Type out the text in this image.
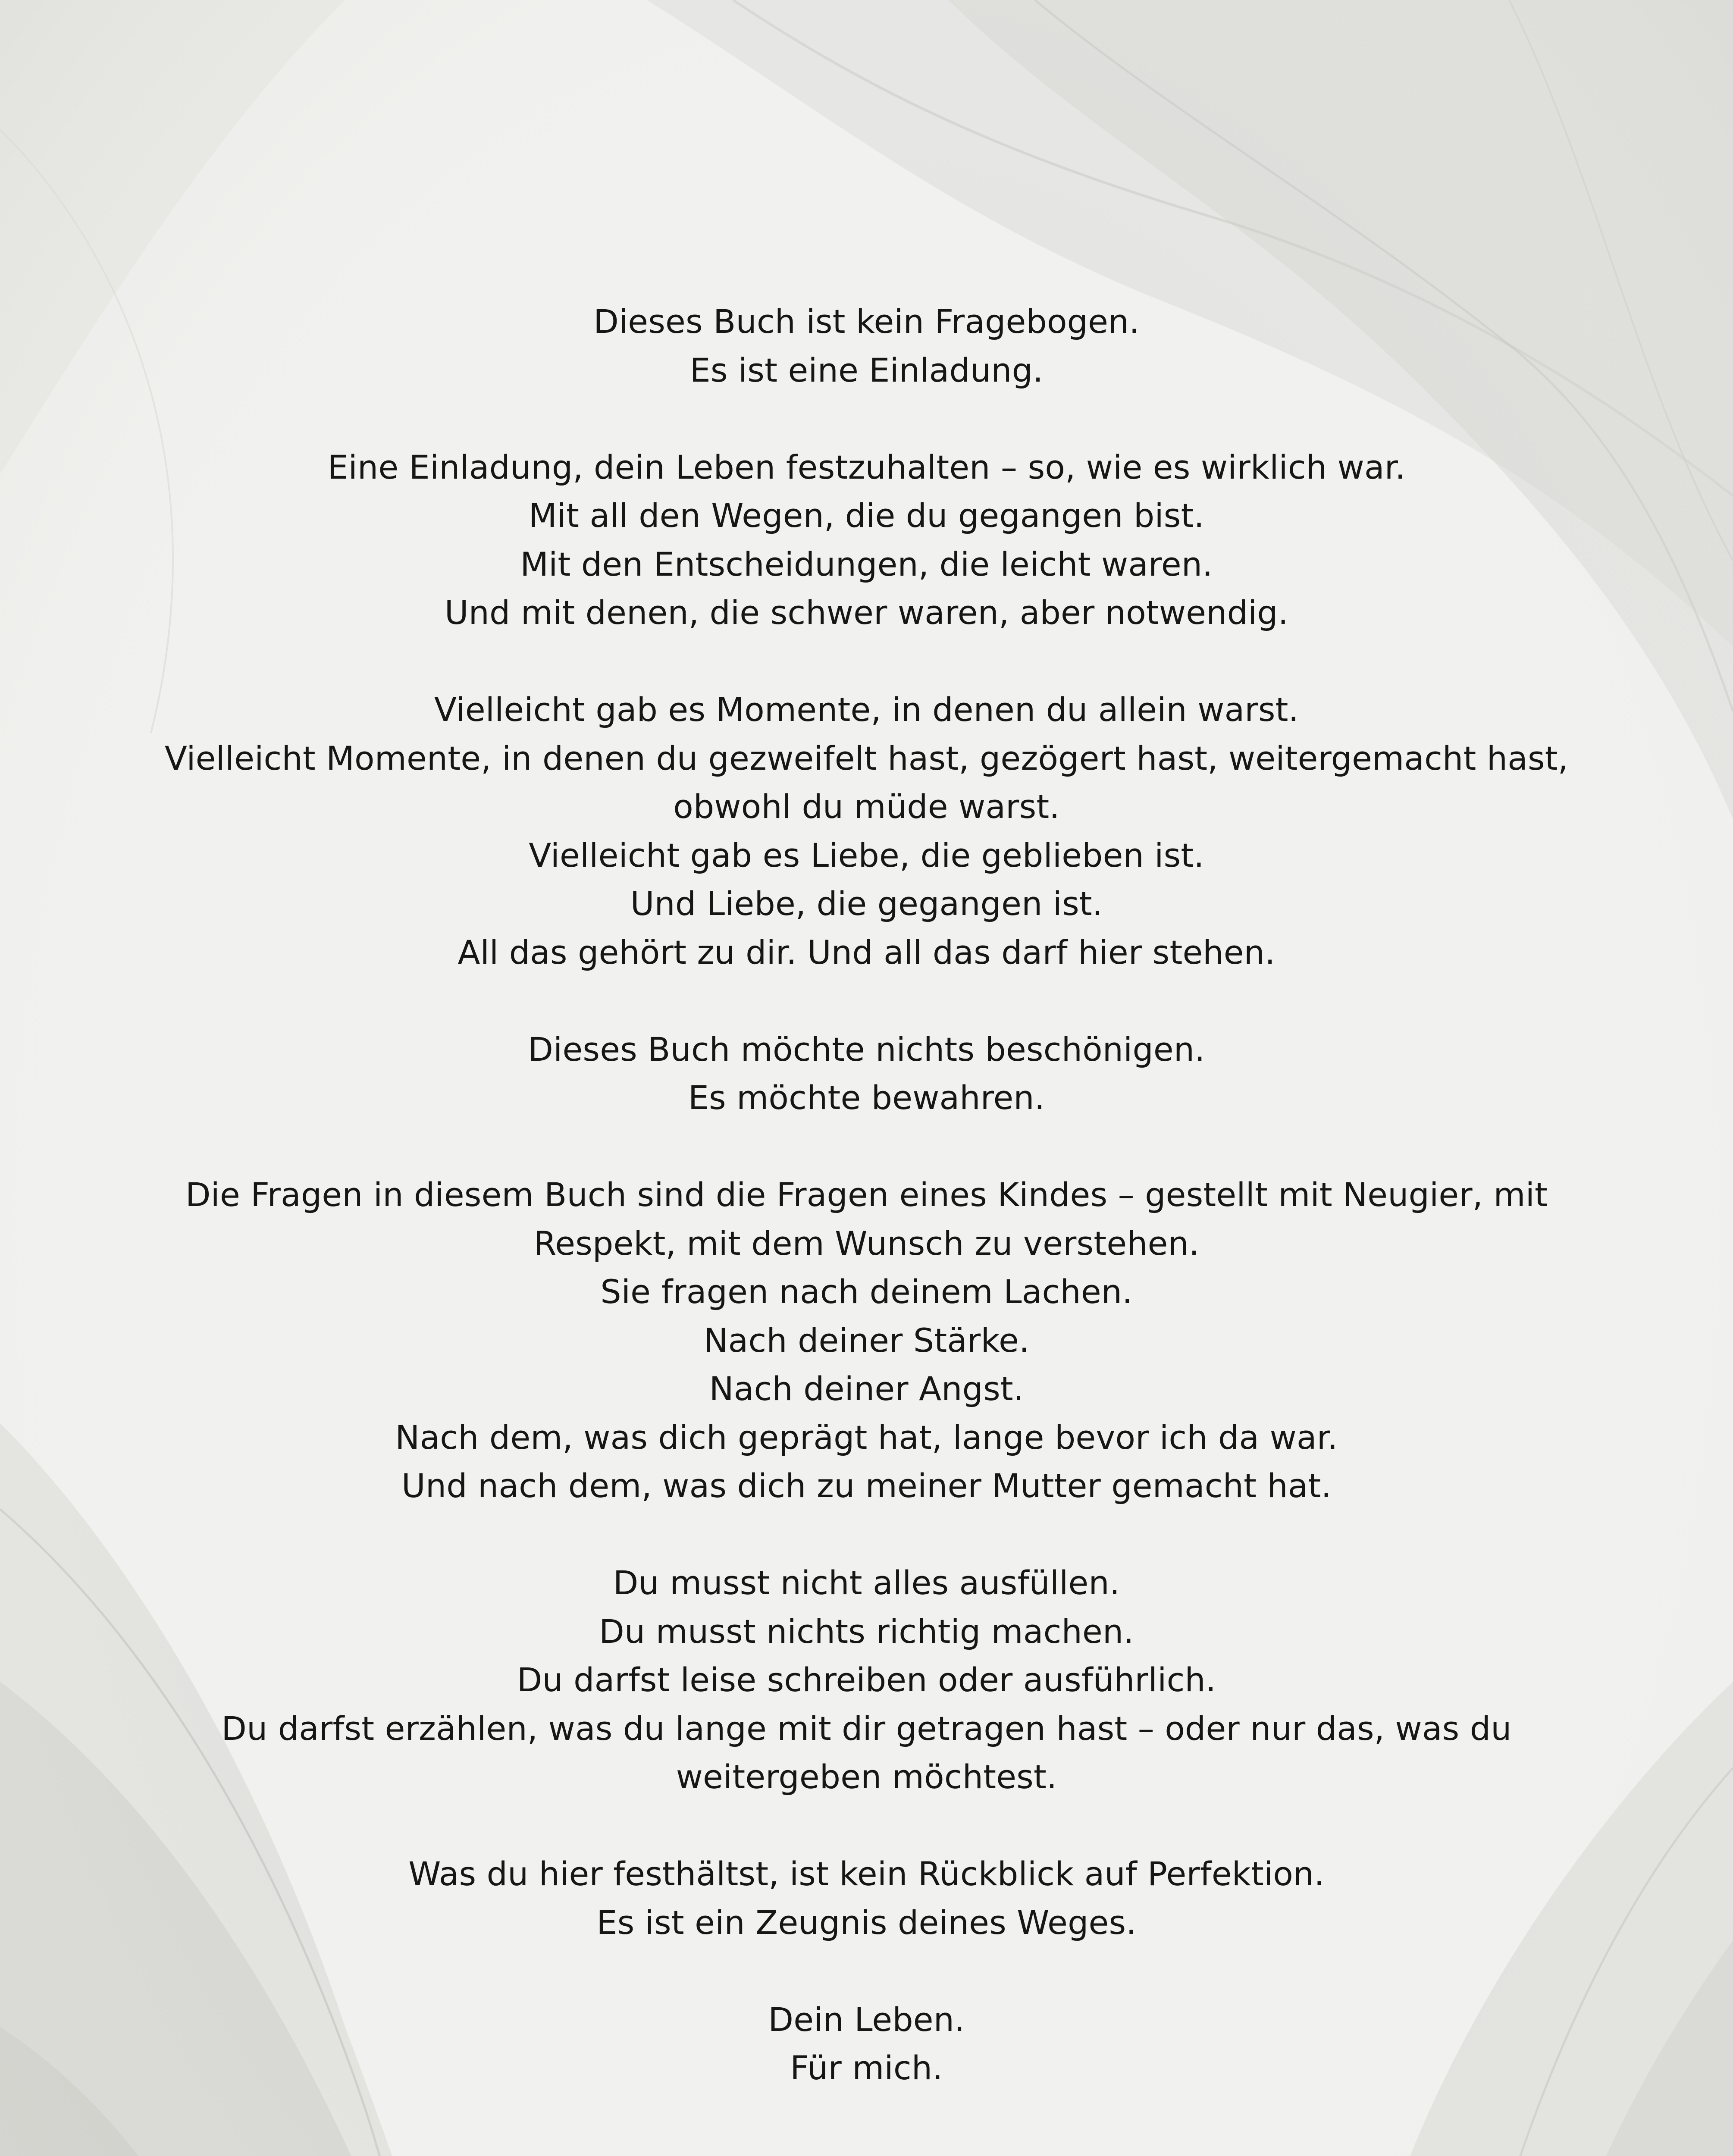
Dieses Buch ist kein Fragebogen.
Es ist eine Einladung.

Eine Einladung, dein Leben festzuhalten – so, wie es wirklich war.
Mit all den Wegen, die du gegangen bist.
Mit den Entscheidungen, die leicht waren.
Und mit denen, die schwer waren, aber notwendig.

Vielleicht gab es Momente, in denen du allein warst.
Vielleicht Momente, in denen du gezweifelt hast, gezögert hast, weitergemacht hast,
obwohl du müde warst.
Vielleicht gab es Liebe, die geblieben ist.
Und Liebe, die gegangen ist.
All das gehört zu dir. Und all das darf hier stehen.

Dieses Buch möchte nichts beschönigen.
Es möchte bewahren.

Die Fragen in diesem Buch sind die Fragen eines Kindes – gestellt mit Neugier, mit
Respekt, mit dem Wunsch zu verstehen.
Sie fragen nach deinem Lachen.
Nach deiner Stärke.
Nach deiner Angst.
Nach dem, was dich geprägt hat, lange bevor ich da war.
Und nach dem, was dich zu meiner Mutter gemacht hat.

Du musst nicht alles ausfüllen.
Du musst nichts richtig machen.
Du darfst leise schreiben oder ausführlich.
Du darfst erzählen, was du lange mit dir getragen hast – oder nur das, was du
weitergeben möchtest.

Was du hier festhältst, ist kein Rückblick auf Perfektion.
Es ist ein Zeugnis deines Weges.

Dein Leben.
Für mich.
